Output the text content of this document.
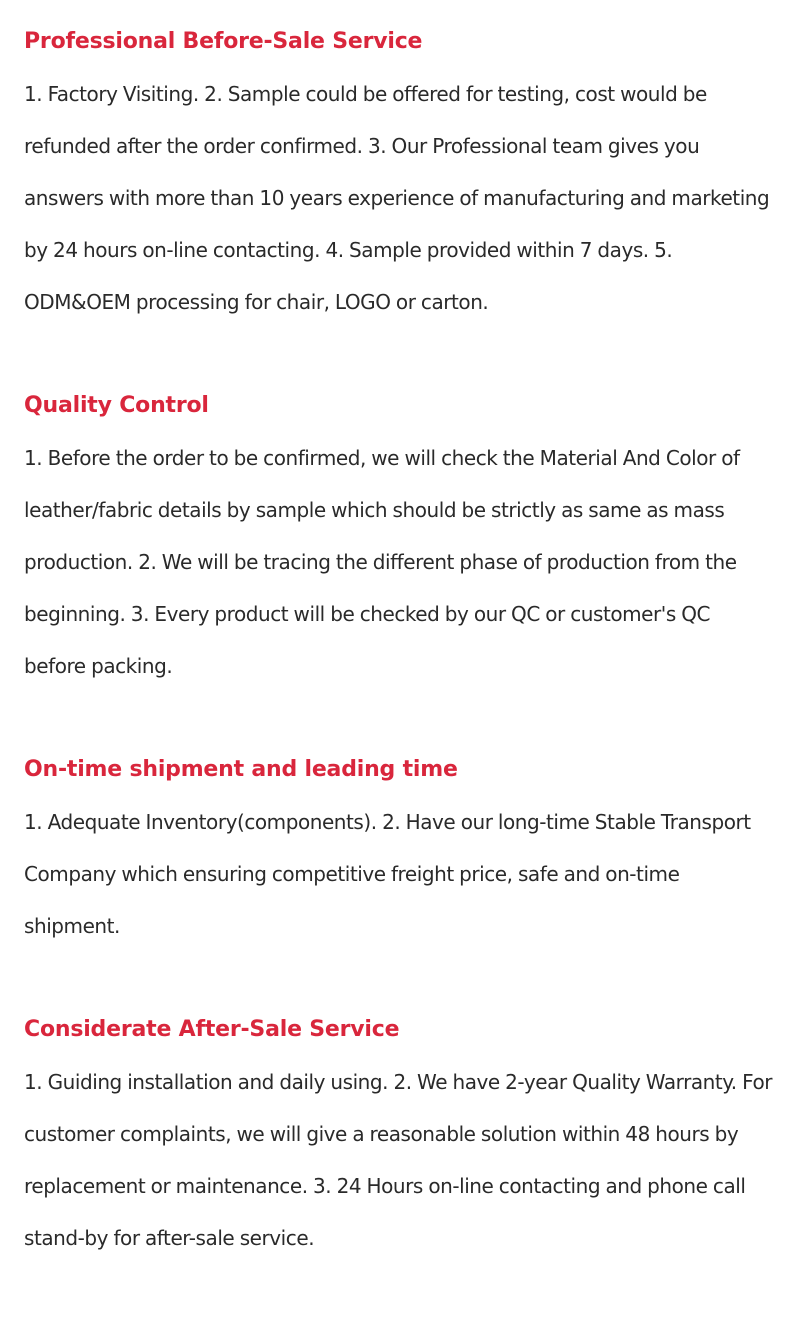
Professional Before-Sale Service

1. Factory Visiting. 2. Sample could be offered for testing, cost would be refunded after the order confirmed. 3. Our Professional team gives you answers with more than 10 years experience of manufacturing and marketing by 24 hours on-line contacting. 4. Sample provided within 7 days. 5. ODM&OEM processing for chair, LOGO or carton.

Quality Control

1. Before the order to be confirmed, we will check the Material And Color of leather/fabric details by sample which should be strictly as same as mass production. 2. We will be tracing the different phase of production from the beginning. 3. Every product will be checked by our QC or customer's QC before packing.

On-time shipment and leading time

1. Adequate Inventory(components). 2. Have our long-time Stable Transport Company which ensuring competitive freight price, safe and on-time shipment.

Considerate After-Sale Service

1. Guiding installation and daily using. 2. We have 2-year Quality Warranty. For customer complaints, we will give a reasonable solution within 48 hours by replacement or maintenance. 3. 24 Hours on-line contacting and phone call stand-by for after-sale service.
